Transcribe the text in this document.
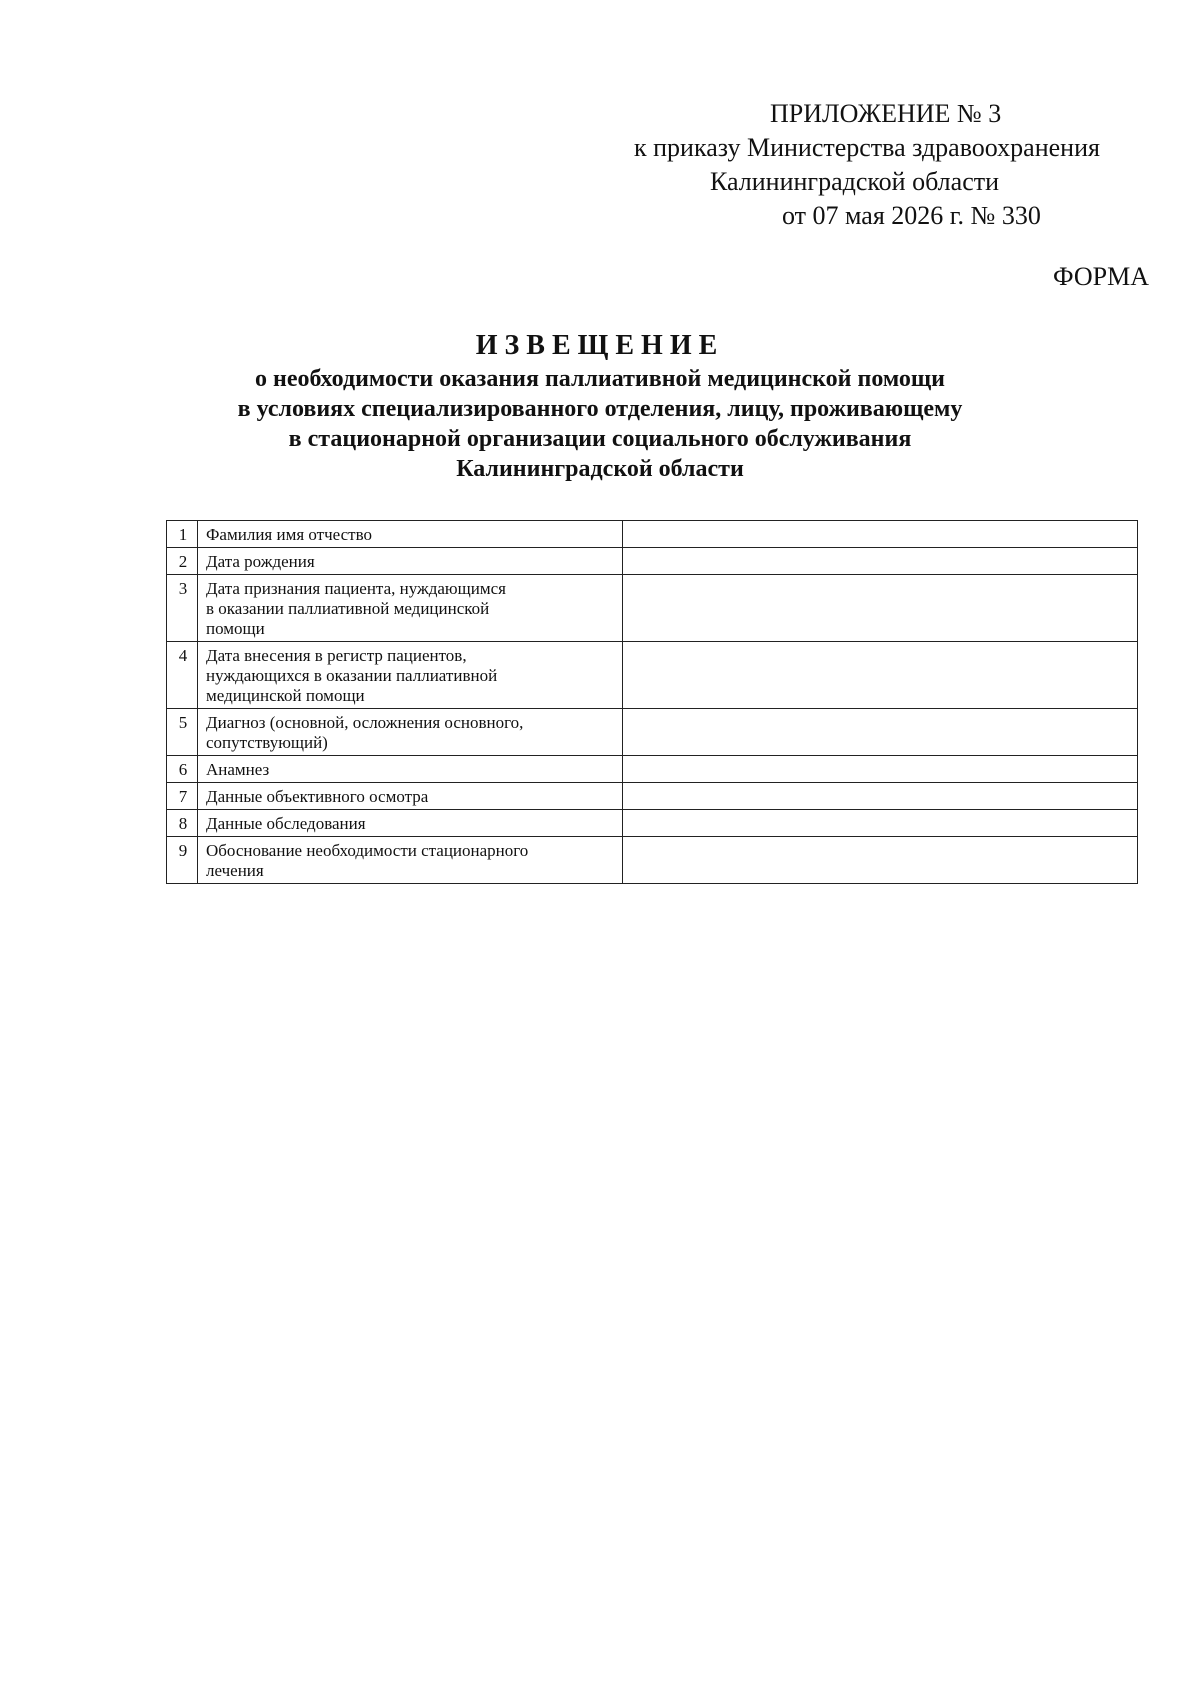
ПРИЛОЖЕНИЕ № 3
к приказу Министерства здравоохранения
Калининградской области
от 07 мая 2026 г. № 330
ФОРМА
ИЗВЕЩЕНИЕ
о необходимости оказания паллиативной медицинской помощи
в условиях специализированного отделения, лицу, проживающему
в стационарной организации социального обслуживания
Калининградской области
1	Фамилия имя отчество	
2	Дата рождения	
3	Дата признания пациента, нуждающимся
в оказании паллиативной медицинской
помощи	
4	Дата внесения в регистр пациентов,
нуждающихся в оказании паллиативной
медицинской помощи	
5	Диагноз (основной, осложнения основного,
сопутствующий)	
6	Анамнез	
7	Данные объективного осмотра	
8	Данные обследования	
9	Обоснование необходимости стационарного
лечения	
